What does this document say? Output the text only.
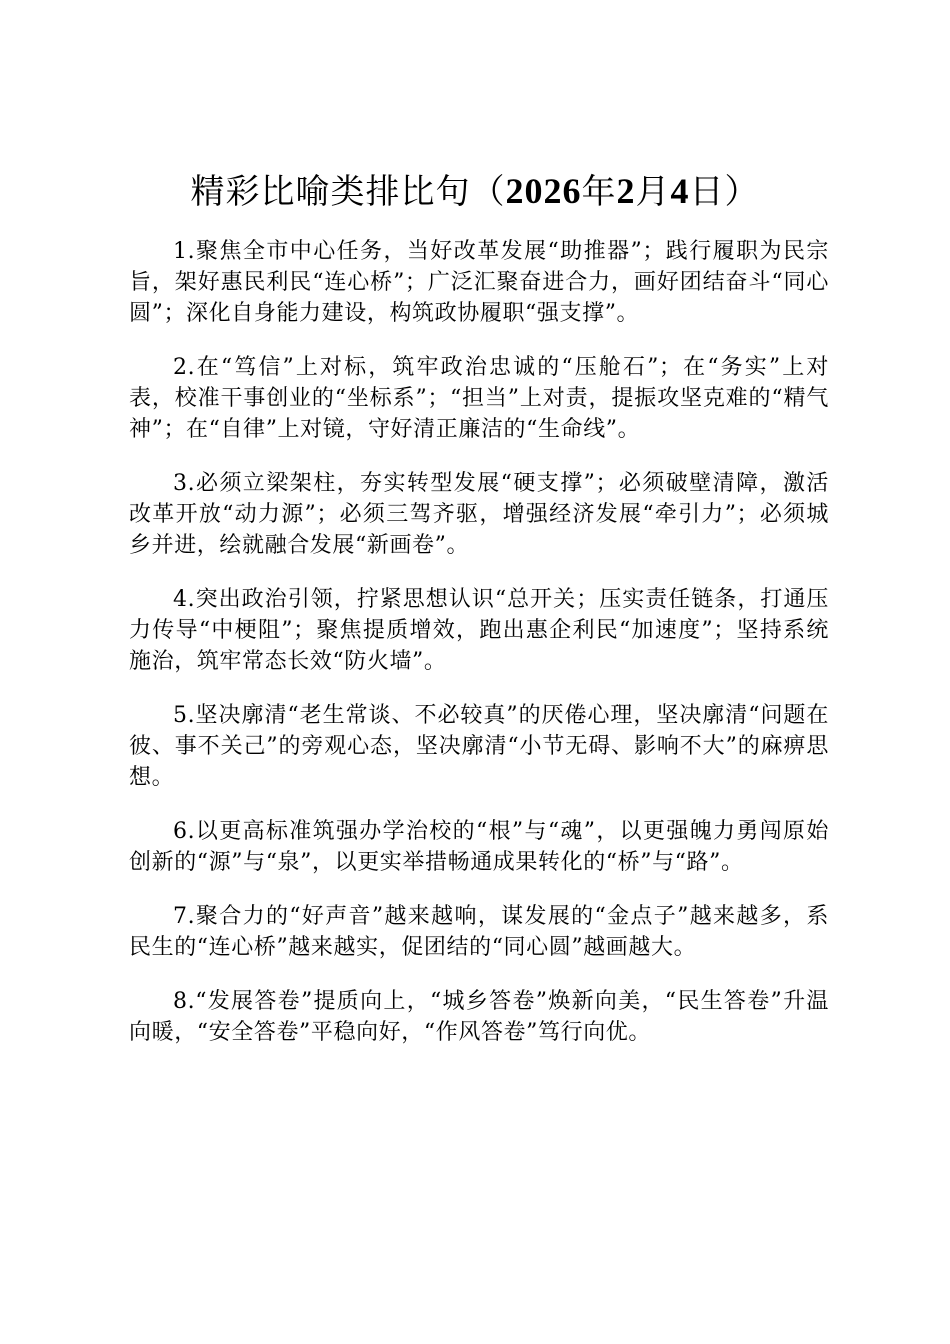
精彩比喻类排比句（2026年2月4日）

1.聚焦全市中心任务，当好改革发展“助推器”；践行履职为民宗旨，架好惠民利民“连心桥”；广泛汇聚奋进合力，画好团结奋斗“同心圆”；深化自身能力建设，构筑政协履职“强支撑”。

2.在“笃信”上对标，筑牢政治忠诚的“压舱石”；在“务实”上对表，校准干事创业的“坐标系”；“担当”上对责，提振攻坚克难的“精气神”；在“自律”上对镜，守好清正廉洁的“生命线”。

3.必须立梁架柱，夯实转型发展“硬支撑”；必须破壁清障，激活改革开放“动力源”；必须三驾齐驱，增强经济发展“牵引力”；必须城乡并进，绘就融合发展“新画卷”。

4.突出政治引领，拧紧思想认识“总开关；压实责任链条，打通压力传导“中梗阻”；聚焦提质增效，跑出惠企利民“加速度”；坚持系统施治，筑牢常态长效“防火墙”。

5.坚决廓清“老生常谈、不必较真”的厌倦心理，坚决廓清“问题在彼、事不关己”的旁观心态，坚决廓清“小节无碍、影响不大”的麻痹思想。

6.以更高标准筑强办学治校的“根”与“魂”，以更强魄力勇闯原始创新的“源”与“泉”，以更实举措畅通成果转化的“桥”与“路”。

7.聚合力的“好声音”越来越响，谋发展的“金点子”越来越多，系民生的“连心桥”越来越实，促团结的“同心圆”越画越大。

8.“发展答卷”提质向上，“城乡答卷”焕新向美，“民生答卷”升温向暖，“安全答卷”平稳向好，“作风答卷”笃行向优。
